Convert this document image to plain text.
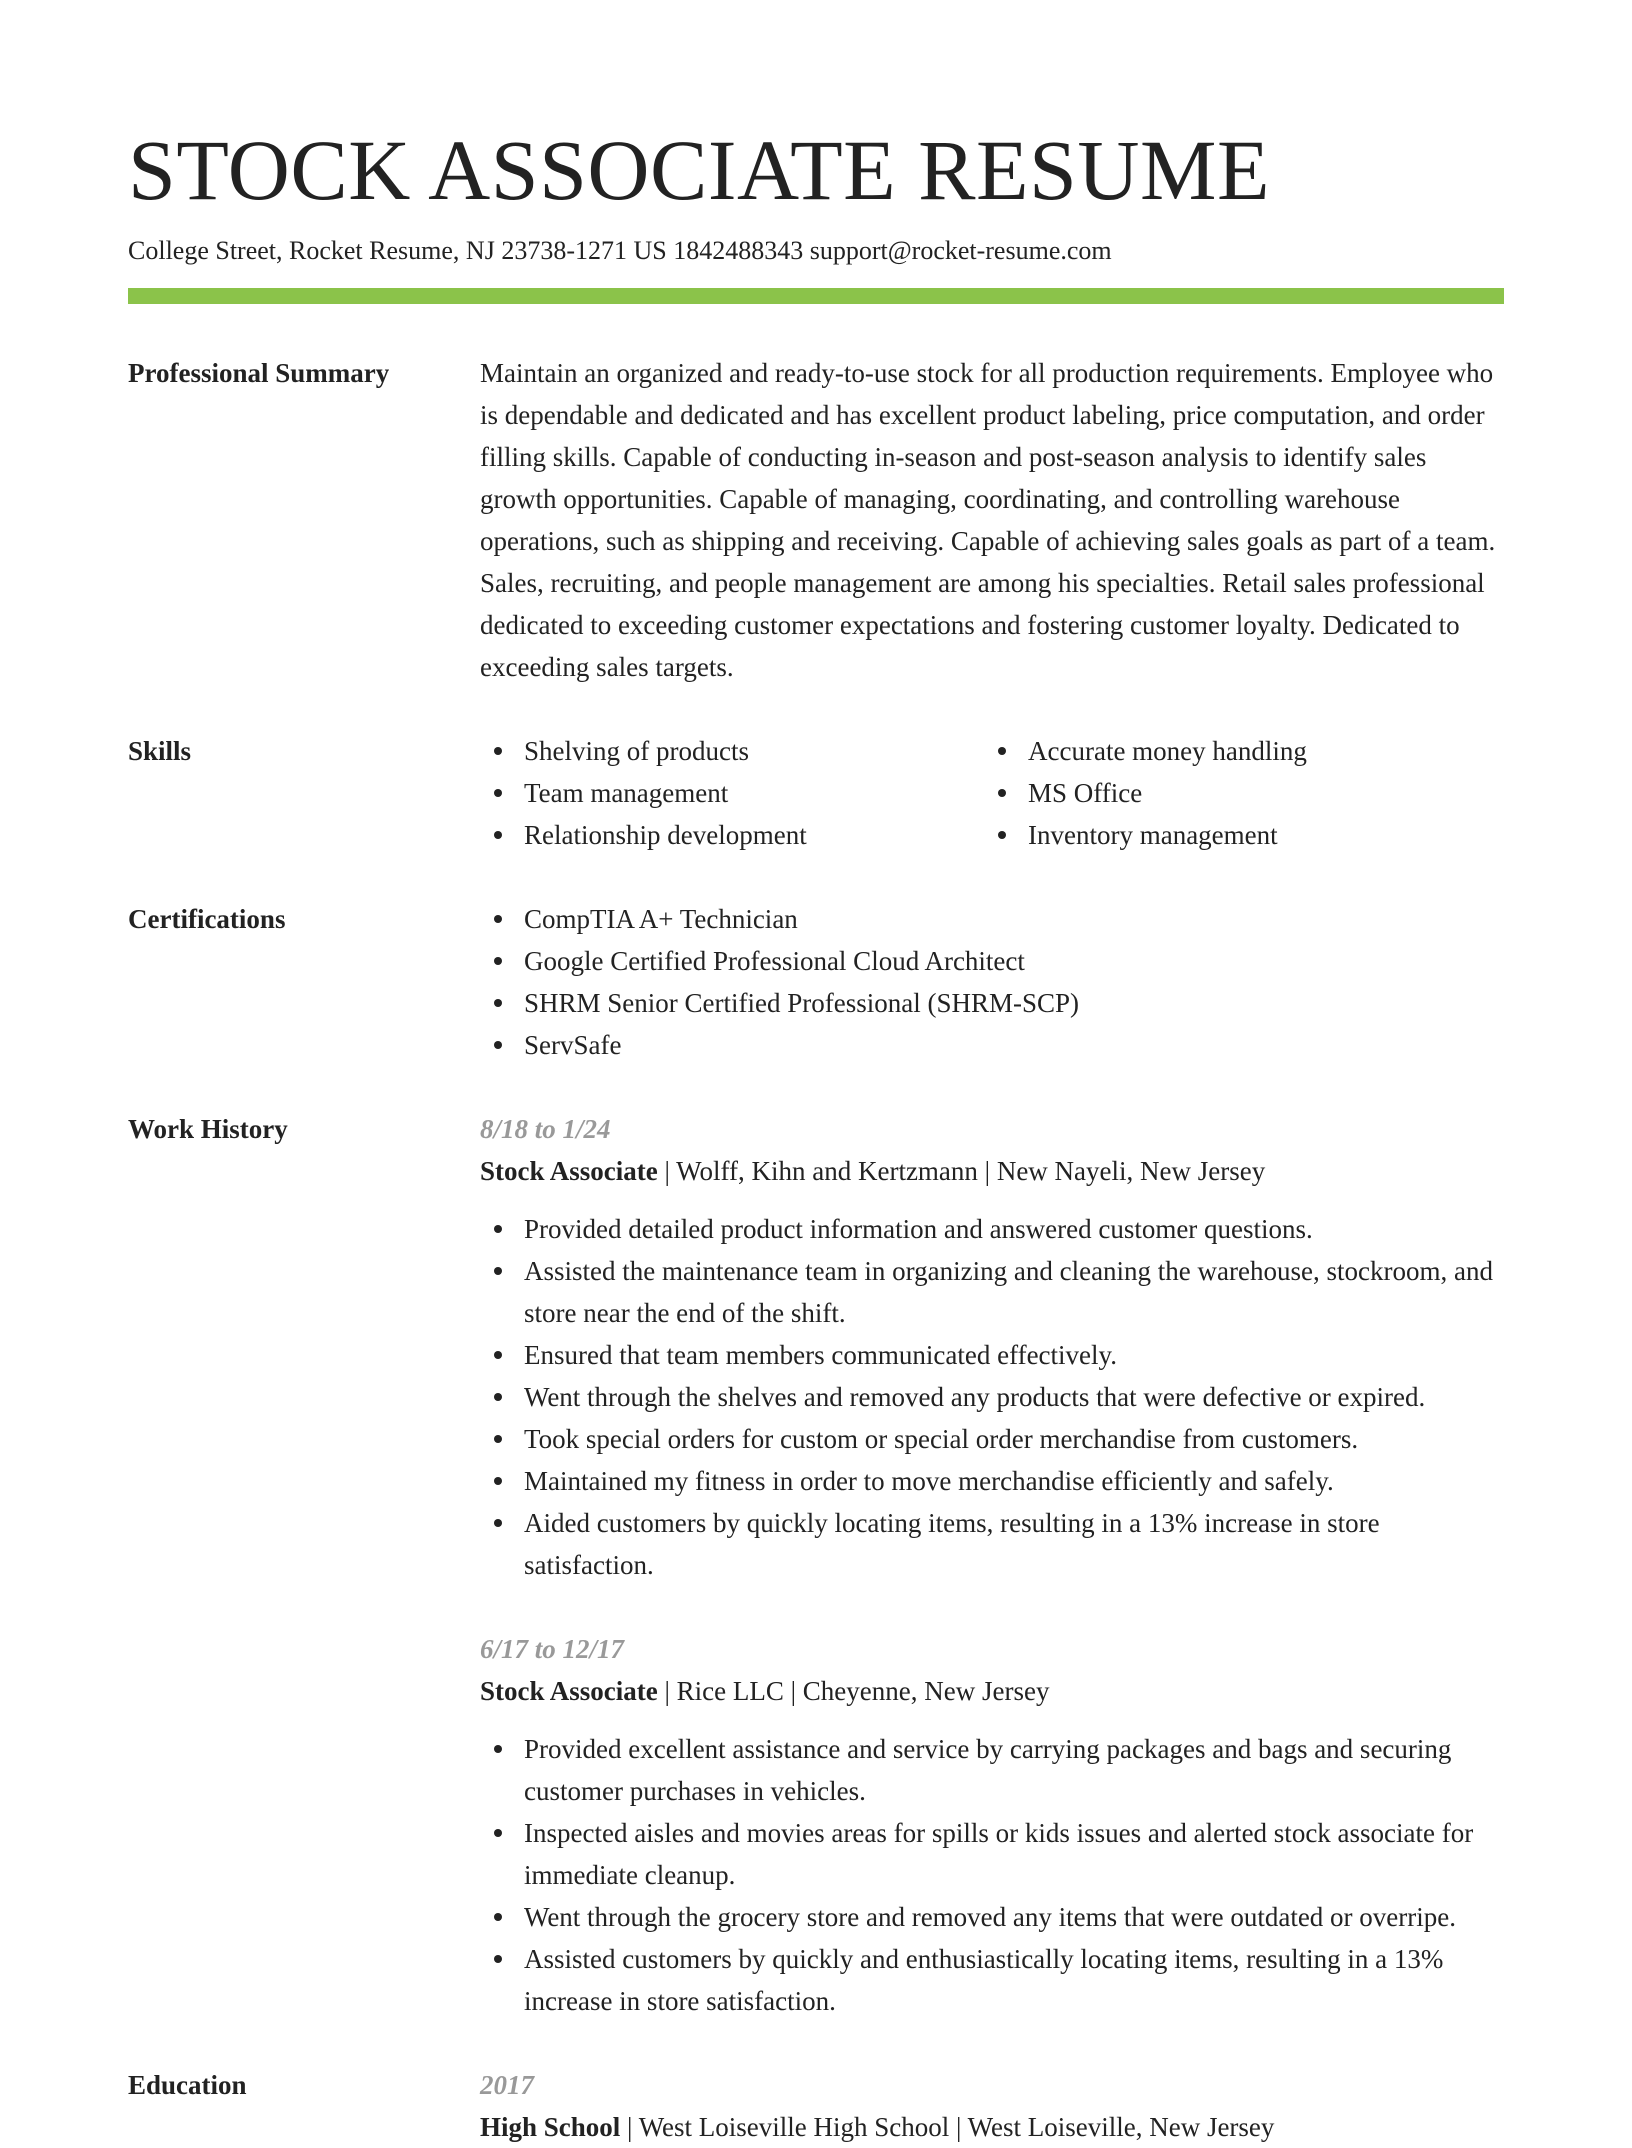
STOCK ASSOCIATE RESUME
College Street, Rocket Resume, NJ 23738-1271 US 1842488343 support@rocket-resume.com
Professional Summary	Maintain an organized and ready-to-use stock for all production requirements. Employee who is dependable and dedicated and has excellent product labeling, price computation, and order filling skills. Capable of conducting in-season and post-season analysis to identify sales growth opportunities. Capable of managing, coordinating, and controlling warehouse operations, such as shipping and receiving. Capable of achieving sales goals as part of a team. Sales, recruiting, and people management are among his specialties. Retail sales professional dedicated to exceeding customer expectations and fostering customer loyalty. Dedicated to exceeding sales targets.

Skills	Shelving of products
Team management
Relationship development
Accurate money handling
MS Office
Inventory management
Certifications	CompTIA A+ Technician
Google Certified Professional Cloud Architect
SHRM Senior Certified Professional (SHRM-SCP)
ServSafe
Work History	8/18 to 1/24
Stock Associate | Wolff, Kihn and Kertzmann | New Nayeli, New Jersey
Provided detailed product information and answered customer questions.
Assisted the maintenance team in organizing and cleaning the warehouse, stockroom, and store near the end of the shift.
Ensured that team members communicated effectively.
Went through the shelves and removed any products that were defective or expired.
Took special orders for custom or special order merchandise from customers.
Maintained my fitness in order to move merchandise efficiently and safely.
Aided customers by quickly locating items, resulting in a 13% increase in store satisfaction.
6/17 to 12/17
Stock Associate | Rice LLC | Cheyenne, New Jersey
Provided excellent assistance and service by carrying packages and bags and securing customer purchases in vehicles.
Inspected aisles and movies areas for spills or kids issues and alerted stock associate for immediate cleanup.
Went through the grocery store and removed any items that were outdated or overripe.
Assisted customers by quickly and enthusiastically locating items, resulting in a 13% increase in store satisfaction.
Education	2017
High School | West Loiseville High School | West Loiseville, New Jersey
